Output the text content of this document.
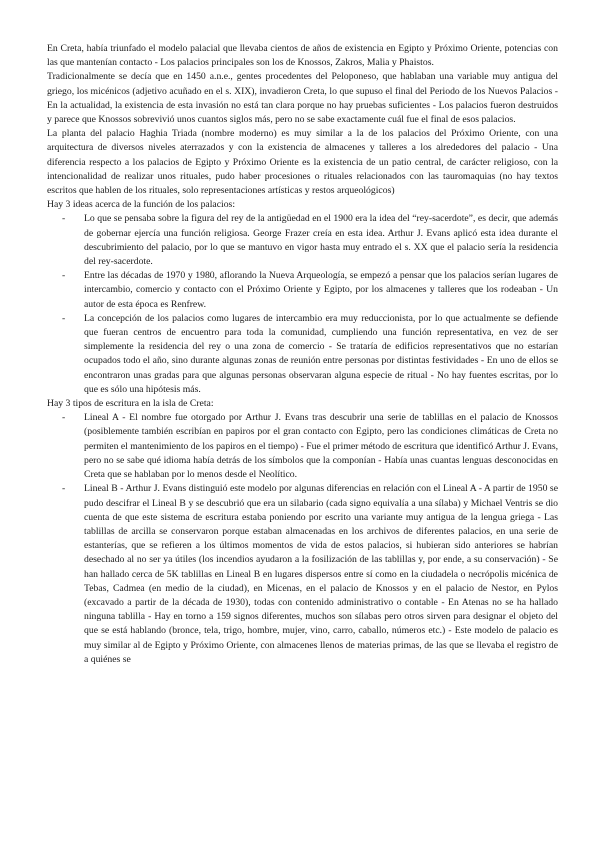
En Creta, había triunfado el modelo palacial que llevaba cientos de años de existencia en Egipto y Próximo Oriente, potencias con las que mantenían contacto - Los palacios principales son los de Knossos, Zakros, Malia y Phaistos.

Tradicionalmente se decía que en 1450 a.n.e., gentes procedentes del Peloponeso, que hablaban una variable muy antigua del griego, los micénicos (adjetivo acuñado en el s. XIX), invadieron Creta, lo que supuso el final del Periodo de los Nuevos Palacios - En la actualidad, la existencia de esta invasión no está tan clara porque no hay pruebas suficientes - Los palacios fueron destruidos y parece que Knossos sobrevivió unos cuantos siglos más, pero no se sabe exactamente cuál fue el final de esos palacios.

La planta del palacio Haghia Triada (nombre moderno) es muy similar a la de los palacios del Próximo Oriente, con una arquitectura de diversos niveles aterrazados y con la existencia de almacenes y talleres a los alrededores del palacio - Una diferencia respecto a los palacios de Egipto y Próximo Oriente es la existencia de un patio central, de carácter religioso, con la intencionalidad de realizar unos rituales, pudo haber procesiones o rituales relacionados con las tauromaquias (no hay textos escritos que hablen de los rituales, solo representaciones artísticas y restos arqueológicos)

Hay 3 ideas acerca de la función de los palacios:

- Lo que se pensaba sobre la figura del rey de la antigüedad en el 1900 era la idea del “rey-sacerdote”, es decir, que además de gobernar ejercía una función religiosa. George Frazer creía en esta idea. Arthur J. Evans aplicó esta idea durante el descubrimiento del palacio, por lo que se mantuvo en vigor hasta muy entrado el s. XX que el palacio sería la residencia del rey-sacerdote.
- Entre las décadas de 1970 y 1980, aflorando la Nueva Arqueología, se empezó a pensar que los palacios serían lugares de intercambio, comercio y contacto con el Próximo Oriente y Egipto, por los almacenes y talleres que los rodeaban - Un autor de esta época es Renfrew.
- La concepción de los palacios como lugares de intercambio era muy reduccionista, por lo que actualmente se defiende que fueran centros de encuentro para toda la comunidad, cumpliendo una función representativa, en vez de ser simplemente la residencia del rey o una zona de comercio - Se trataría de edificios representativos que no estarían ocupados todo el año, sino durante algunas zonas de reunión entre personas por distintas festividades - En uno de ellos se encontraron unas gradas para que algunas personas observaran alguna especie de ritual - No hay fuentes escritas, por lo que es sólo una hipótesis más.

Hay 3 tipos de escritura en la isla de Creta:

- Lineal A - El nombre fue otorgado por Arthur J. Evans tras descubrir una serie de tablillas en el palacio de Knossos (posiblemente también escribían en papiros por el gran contacto con Egipto, pero las condiciones climáticas de Creta no permiten el mantenimiento de los papiros en el tiempo) - Fue el primer método de escritura que identificó Arthur J. Evans, pero no se sabe qué idioma había detrás de los símbolos que la componían - Había unas cuantas lenguas desconocidas en Creta que se hablaban por lo menos desde el Neolítico.
- Lineal B - Arthur J. Evans distinguió este modelo por algunas diferencias en relación con el Lineal A - A partir de 1950 se pudo descifrar el Lineal B y se descubrió que era un silabario (cada signo equivalía a una sílaba) y Michael Ventris se dio cuenta de que este sistema de escritura estaba poniendo por escrito una variante muy antigua de la lengua griega - Las tablillas de arcilla se conservaron porque estaban almacenadas en los archivos de diferentes palacios, en una serie de estanterías, que se refieren a los últimos momentos de vida de estos palacios, si hubieran sido anteriores se habrían desechado al no ser ya útiles (los incendios ayudaron a la fosilización de las tablillas y, por ende, a su conservación) - Se han hallado cerca de 5K tablillas en Lineal B en lugares dispersos entre sí como en la ciudadela o necrópolis micénica de Tebas, Cadmea (en medio de la ciudad), en Micenas, en el palacio de Knossos y en el palacio de Nestor, en Pylos (excavado a partir de la década de 1930), todas con contenido administrativo o contable - En Atenas no se ha hallado ninguna tablilla - Hay en torno a 159 signos diferentes, muchos son sílabas pero otros sirven para designar el objeto del que se está hablando (bronce, tela, trigo, hombre, mujer, vino, carro, caballo, números etc.) - Este modelo de palacio es muy similar al de Egipto y Próximo Oriente, con almacenes llenos de materias primas, de las que se llevaba el registro de a quiénes se
